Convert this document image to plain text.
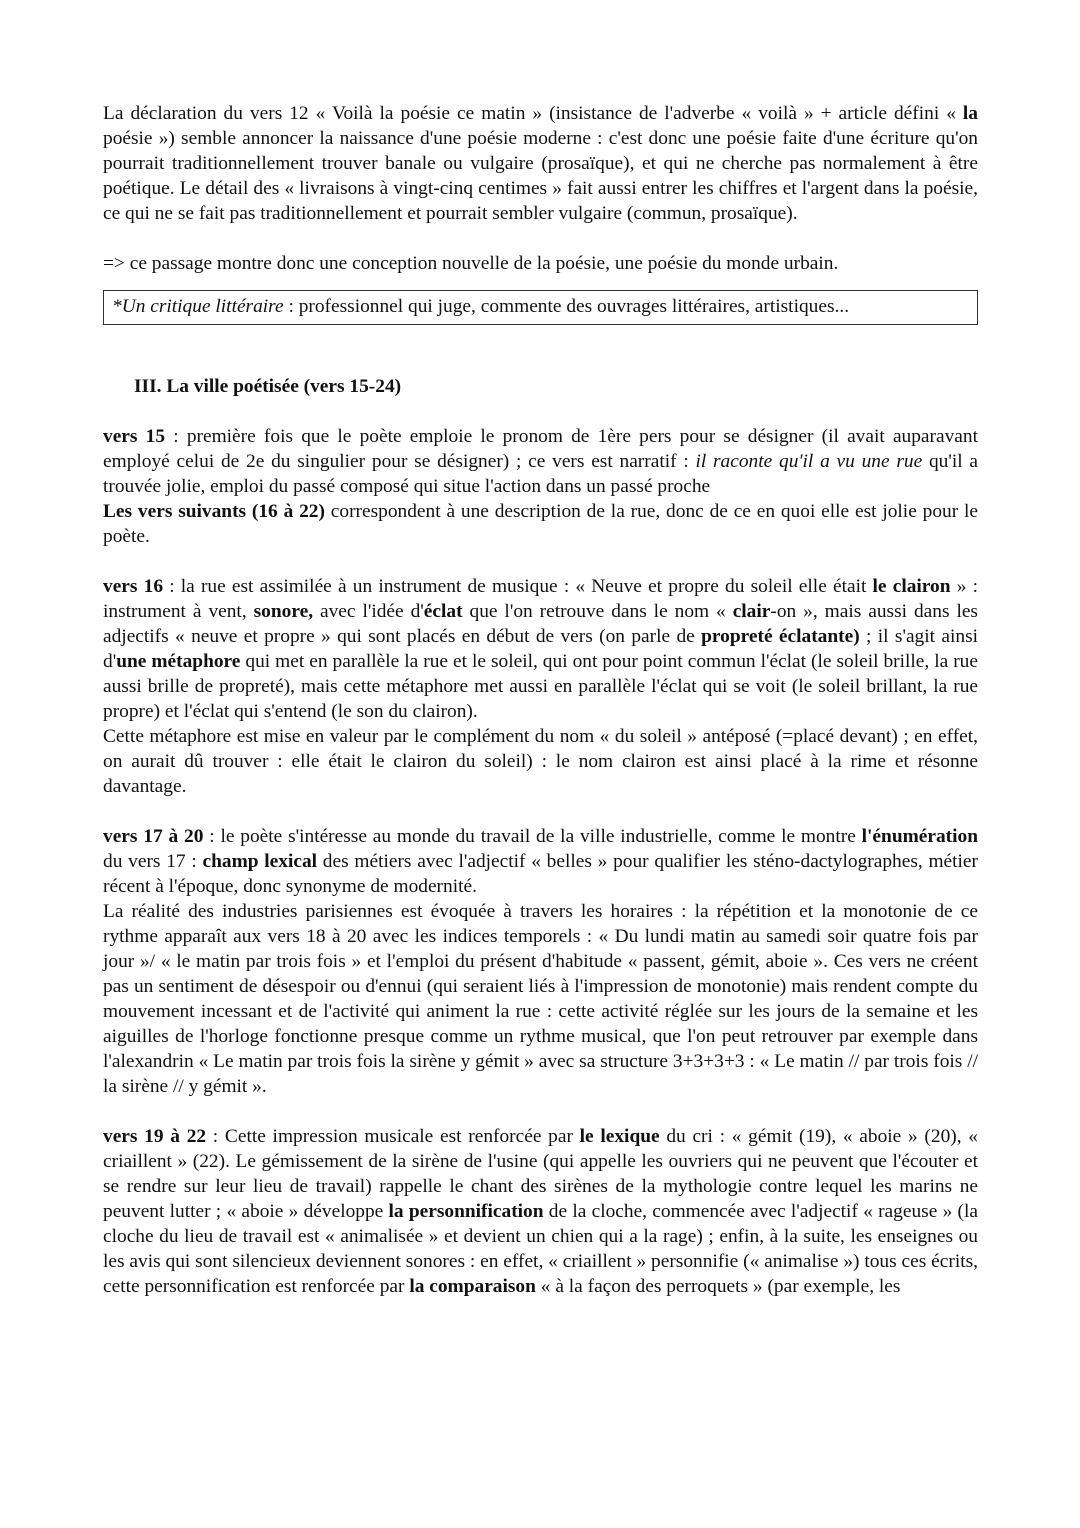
La déclaration du vers 12 « Voilà la poésie ce matin » (insistance de l'adverbe « voilà » + article défini « la poésie ») semble annoncer la naissance d'une poésie moderne : c'est donc une poésie faite d'une écriture qu'on pourrait traditionnellement trouver banale ou vulgaire (prosaïque), et qui ne cherche pas normalement à être poétique. Le détail des « livraisons à vingt-cinq centimes » fait aussi entrer les chiffres et l'argent dans la poésie, ce qui ne se fait pas traditionnellement et pourrait sembler vulgaire (commun, prosaïque).

=> ce passage montre donc une conception nouvelle de la poésie, une poésie du monde urbain.

*Un critique littéraire : professionnel qui juge, commente des ouvrages littéraires, artistiques...

III. La ville poétisée (vers 15-24)

vers 15 : première fois que le poète emploie le pronom de 1ère pers pour se désigner (il avait auparavant employé celui de 2e du singulier pour se désigner) ; ce vers est narratif : il raconte qu'il a vu une rue qu'il a trouvée jolie, emploi du passé composé qui situe l'action dans un passé proche

Les vers suivants (16 à 22) correspondent à une description de la rue, donc de ce en quoi elle est jolie pour le poète.

vers 16 : la rue est assimilée à un instrument de musique : « Neuve et propre du soleil elle était le clairon » : instrument à vent, sonore, avec l'idée d'éclat que l'on retrouve dans le nom « clair-on », mais aussi dans les adjectifs « neuve et propre » qui sont placés en début de vers (on parle de propreté éclatante) ; il s'agit ainsi d'une métaphore qui met en parallèle la rue et le soleil, qui ont pour point commun l'éclat (le soleil brille, la rue aussi brille de propreté), mais cette métaphore met aussi en parallèle l'éclat qui se voit (le soleil brillant, la rue propre) et l'éclat qui s'entend (le son du clairon).

Cette métaphore est mise en valeur par le complément du nom « du soleil » antéposé (=placé devant) ; en effet, on aurait dû trouver : elle était le clairon du soleil) : le nom clairon est ainsi placé à la rime et résonne davantage.

vers 17 à 20 : le poète s'intéresse au monde du travail de la ville industrielle, comme le montre l'énumération du vers 17 : champ lexical des métiers avec l'adjectif « belles » pour qualifier les sténo-dactylographes, métier récent à l'époque, donc synonyme de modernité.

La réalité des industries parisiennes est évoquée à travers les horaires : la répétition et la monotonie de ce rythme apparaît aux vers 18 à 20 avec les indices temporels : « Du lundi matin au samedi soir quatre fois par jour »/ « le matin par trois fois » et l'emploi du présent d'habitude « passent, gémit, aboie ». Ces vers ne créent pas un sentiment de désespoir ou d'ennui (qui seraient liés à l'impression de monotonie) mais rendent compte du mouvement incessant et de l'activité qui animent la rue : cette activité réglée sur les jours de la semaine et les aiguilles de l'horloge fonctionne presque comme un rythme musical, que l'on peut retrouver par exemple dans l'alexandrin « Le matin par trois fois la sirène y gémit » avec sa structure 3+3+3+3 : « Le matin // par trois fois // la sirène // y gémit ».

vers 19 à 22 : Cette impression musicale est renforcée par le lexique du cri : « gémit (19), « aboie » (20), « criaillent » (22). Le gémissement de la sirène de l'usine (qui appelle les ouvriers qui ne peuvent que l'écouter et se rendre sur leur lieu de travail) rappelle le chant des sirènes de la mythologie contre lequel les marins ne peuvent lutter ; « aboie » développe la personnification de la cloche, commencée avec l'adjectif « rageuse » (la cloche du lieu de travail est « animalisée » et devient un chien qui a la rage) ; enfin, à la suite, les enseignes ou les avis qui sont silencieux deviennent sonores : en effet, « criaillent » personnifie (« animalise ») tous ces écrits, cette personnification est renforcée par la comparaison « à la façon des perroquets » (par exemple, les
